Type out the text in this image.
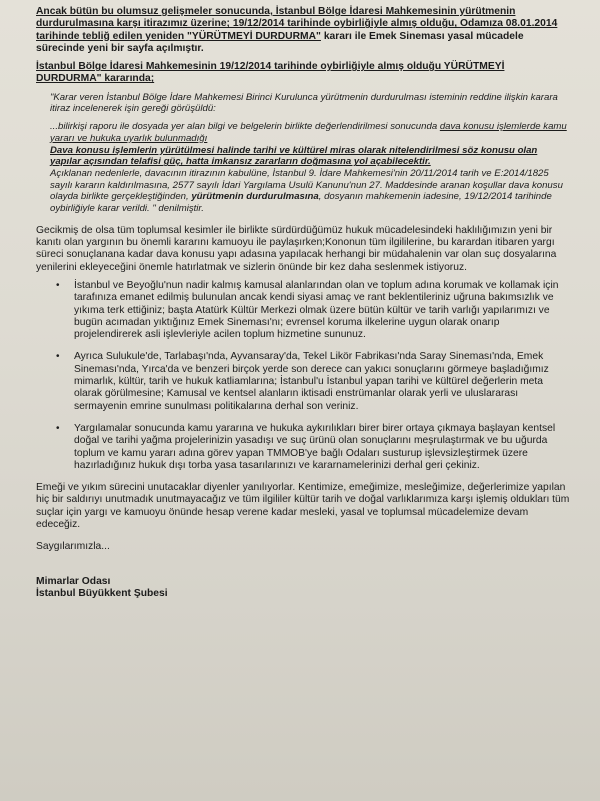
Ancak bütün bu olumsuz gelişmeler sonucunda, İstanbul Bölge İdaresi Mahkemesinin yürütmenin durdurulmasına karşı itirazımız üzerine; 19/12/2014 tarihinde oybirliğiyle almış olduğu, Odamıza 08.01.2014 tarihinde tebliğ edilen yeniden "YÜRÜTMEYİ DURDURMA" kararı ile Emek Sineması yasal mücadele sürecinde yeni bir sayfa açılmıştır.

İstanbul Bölge İdaresi Mahkemesinin 19/12/2014 tarihinde oybirliğiyle almış olduğu YÜRÜTMEYİ DURDURMA" kararında;

"Karar veren İstanbul Bölge İdare Mahkemesi Birinci Kurulunca yürütmenin durdurulması isteminin reddine ilişkin karara itiraz incelenerek işin gereği görüşüldü:

...bilirkişi raporu ile dosyada yer alan bilgi ve belgelerin birlikte değerlendirilmesi sonucunda dava konusu işlemlerde kamu yararı ve hukuka uyarlık bulunmadığı

Dava konusu işlemlerin yürütülmesi halinde tarihi ve kültürel miras olarak nitelendirilmesi söz konusu olan yapılar açısından telafisi güç, hatta imkansız zararların doğmasına yol açabilecektir.

Açıklanan nedenlerle, davacının itirazının kabulüne, İstanbul 9. İdare Mahkemesi'nin 20/11/2014 tarih ve E:2014/1825 sayılı kararın kaldırılmasına, 2577 sayılı İdari Yargılama Usulü Kanunu'nun 27. Maddesinde aranan koşullar dava konusu olayda birlikte gerçekleştiğinden, yürütmenin durdurulmasına, dosyanın mahkemenin iadesine, 19/12/2014 tarihinde oybirliğiyle karar verildi. " denilmiştir.

Gecikmiş de olsa tüm toplumsal kesimler ile birlikte sürdürdüğümüz hukuk mücadelesindeki haklılığımızın yeni bir kanıtı olan yargının bu önemli kararını kamuoyu ile paylaşırken;Kononun tüm ilgililerine, bu karardan itibaren yargı süreci sonuçlanana kadar dava konusu yapı adasına yapılacak herhangi bir müdahalenin var olan suç dosyalarına yenilerini ekleyeceğini önemle hatırlatmak ve sizlerin önünde bir kez daha seslenmek istiyoruz.

• İstanbul ve Beyoğlu'nun nadir kalmış kamusal alanlarından olan ve toplum adına korumak ve kollamak için tarafınıza emanet edilmiş bulunulan ancak kendi siyasi amaç ve rant beklentileriniz uğruna bakımsızlık ve yıkıma terk ettiğiniz; başta Atatürk Kültür Merkezi olmak üzere bütün kültür ve tarih varlığı yapılarımızı ve bugün acımadan yıktığınız Emek Sineması'nı; evrensel koruma ilkelerine uygun olarak onarıp projelendirerek asli işlevleriyle acilen toplum hizmetine sununuz.
• Ayrıca Sulukule'de, Tarlabaşı'nda, Ayvansaray'da, Tekel Likör Fabrikası'nda Saray Sineması'nda, Emek Sineması'nda, Yırca'da ve benzeri birçok yerde son derece can yakıcı sonuçlarını görmeye başladığımız mimarlık, kültür, tarih ve hukuk katliamlarına; İstanbul'u İstanbul yapan tarihi ve kültürel değerlerin meta olarak görülmesine; Kamusal ve kentsel alanların iktisadi enstrümanlar olarak yerli ve uluslararası sermayenin emrine sunulması politikalarına derhal son veriniz.
• Yargılamalar sonucunda kamu yararına ve hukuka aykırılıkları birer birer ortaya çıkmaya başlayan kentsel doğal ve tarihi yağma projelerinizin yasadışı ve suç ürünü olan sonuçlarını meşrulaştırmak ve bu uğurda toplum ve kamu yararı adına görev yapan TMMOB'ye bağlı Odaları susturup işlevsizleştirmek üzere hazırladığınız hukuk dışı torba yasa tasarılarınızı ve kararnamelerinizi derhal geri çekiniz.

Emeği ve yıkım sürecini unutacaklar diyenler yanılıyorlar. Kentimize, emeğimize, mesleğimize, değerlerimize yapılan hiç bir saldırıyı unutmadık unutmayacağız ve tüm ilgililer kültür tarih ve doğal varlıklarımıza karşı işlemiş oldukları tüm suçlar için yargı ve kamuoyu önünde hesap verene kadar mesleki, yasal ve toplumsal mücadelemize devam edeceğiz.

Saygılarımızla...

Mimarlar Odası
İstanbul Büyükkent Şubesi
